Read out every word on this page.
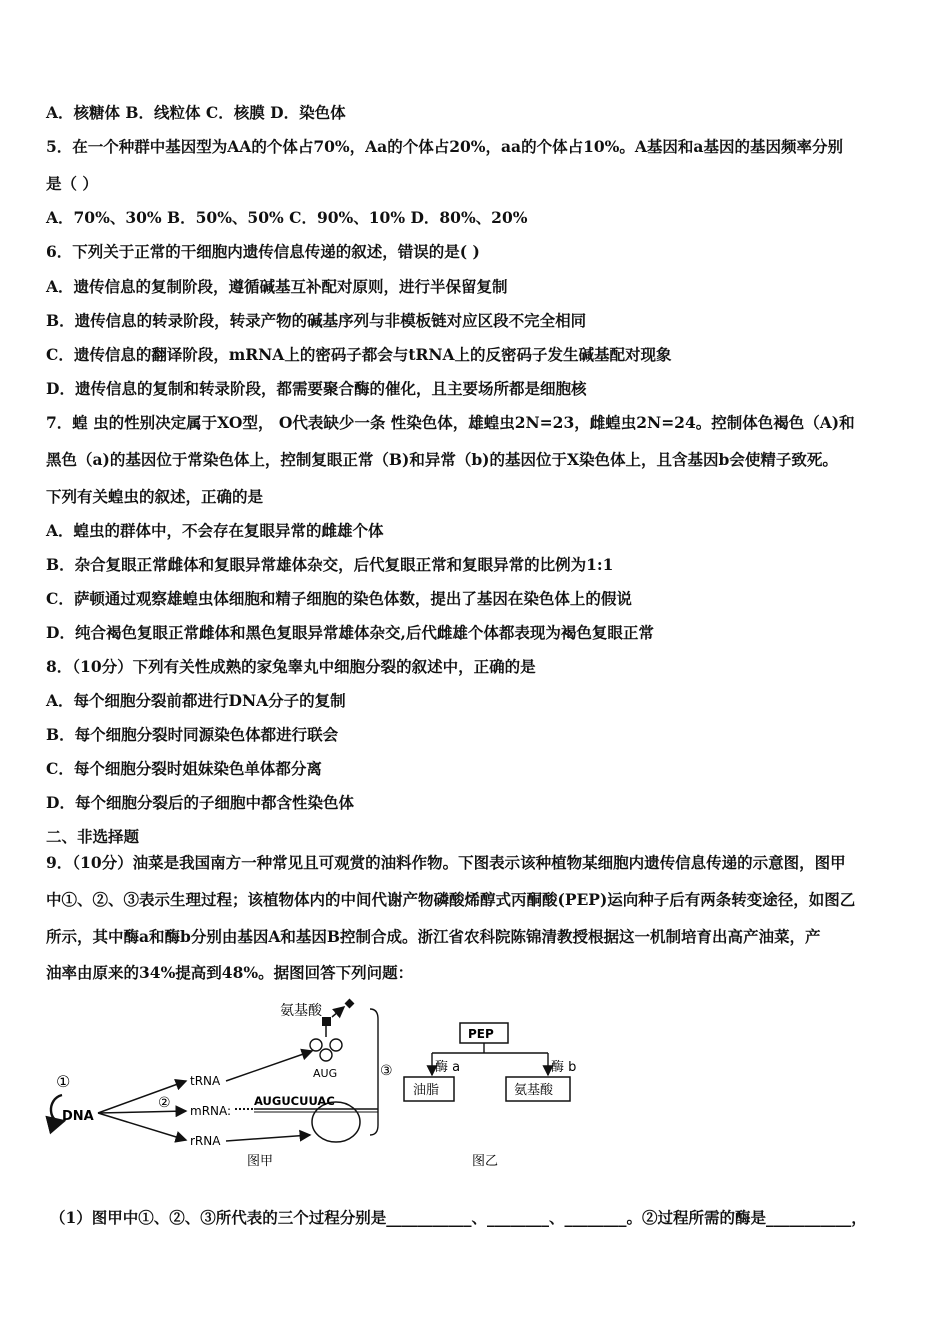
A．核糖体 B．线粒体 C．核膜 D．染色体
5．在一个种群中基因型为AA的个体占70%，Aa的个体占20%，aa的个体占10%。A基因和a基因的基因频率分别
是（ ）
A．70%、30% B．50%、50% C．90%、10% D．80%、20%
6．下列关于正常的干细胞内遗传信息传递的叙述，错误的是( )
A．遗传信息的复制阶段，遵循碱基互补配对原则，进行半保留复制
B．遗传信息的转录阶段，转录产物的碱基序列与非模板链对应区段不完全相同
C．遗传信息的翻译阶段，mRNA上的密码子都会与tRNA上的反密码子发生碱基配对现象
D．遗传信息的复制和转录阶段，都需要聚合酶的催化，且主要场所都是细胞核
7．蝗 虫的性别决定属于XO型， O代表缺少一条 性染色体，雄蝗虫2N=23，雌蝗虫2N=24。控制体色褐色（A)和
黑色（a)的基因位于常染色体上，控制复眼正常（B)和异常（b)的基因位于X染色体上，且含基因b会使精子致死。
下列有关蝗虫的叙述，正确的是
A．蝗虫的群体中，不会存在复眼异常的雌雄个体
B．杂合复眼正常雌体和复眼异常雄体杂交，后代复眼正常和复眼异常的比例为1:1
C．萨顿通过观察雄蝗虫体细胞和精子细胞的染色体数，提出了基因在染色体上的假说
D．纯合褐色复眼正常雌体和黑色复眼异常雄体杂交,后代雌雄个体都表现为褐色复眼正常
8．（10分）下列有关性成熟的家兔睾丸中细胞分裂的叙述中，正确的是
A．每个细胞分裂前都进行DNA分子的复制
B．每个细胞分裂时同源染色体都进行联会
C．每个细胞分裂时姐妹染色单体都分离
D．每个细胞分裂后的子细胞中都含性染色体
二、非选择题
9．（10分）油菜是我国南方一种常见且可观赏的油料作物。下图表示该种植物某细胞内遗传信息传递的示意图，图甲
中①、②、③表示生理过程；该植物体内的中间代谢产物磷酸烯醇式丙酮酸(PEP)运向种子后有两条转变途径，如图乙
所示，其中酶a和酶b分别由基因A和基因B控制合成。浙江省农科院陈锦清教授根据这一机制培育出高产油菜，产
油率由原来的34%提高到48%。据图回答下列问题：
（1）图甲中①、②、③所代表的三个过程分别是___________、________、________。②过程所需的酶是___________，
①
DNA
②
tRNA
mRNA:
rRNA
AUGUCUUAC
AUG
氨基酸
③
图甲
PEP
酶 a	酶 b
油脂	氨基酸
图乙
